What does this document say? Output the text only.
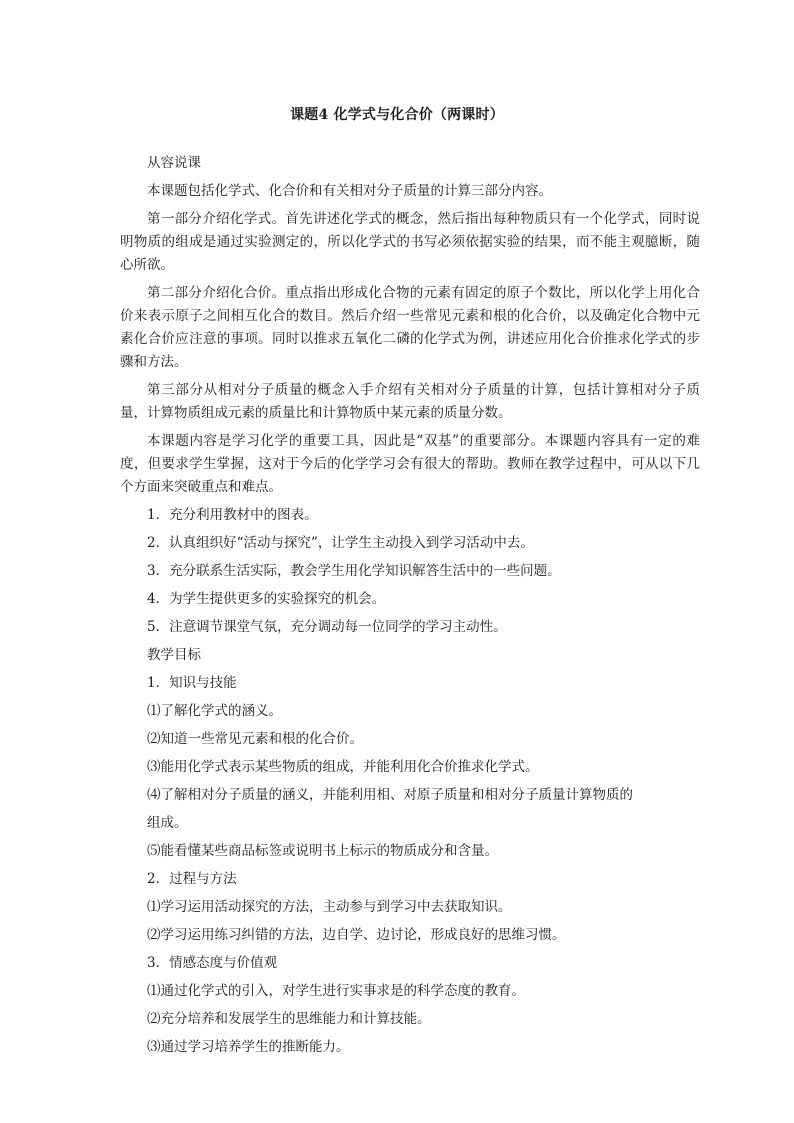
课题4 化学式与化合价（两课时）

从容说课

本课题包括化学式、化合价和有关相对分子质量的计算三部分内容。

第一部分介绍化学式。首先讲述化学式的概念，然后指出每种物质只有一个化学式，同时说明物质的组成是通过实验测定的，所以化学式的书写必须依据实验的结果，而不能主观臆断，随心所欲。

第二部分介绍化合价。重点指出形成化合物的元素有固定的原子个数比，所以化学上用化合价来表示原子之间相互化合的数目。然后介绍一些常见元素和根的化合价，以及确定化合物中元素化合价应注意的事项。同时以推求五氧化二磷的化学式为例，讲述应用化合价推求化学式的步骤和方法。

第三部分从相对分子质量的概念入手介绍有关相对分子质量的计算，包括计算相对分子质量，计算物质组成元素的质量比和计算物质中某元素的质量分数。

本课题内容是学习化学的重要工具，因此是“双基”的重要部分。本课题内容具有一定的难度，但要求学生掌握，这对于今后的化学学习会有很大的帮助。教师在教学过程中，可从以下几个方面来突破重点和难点。

1．充分利用教材中的图表。

2．认真组织好“活动与探究”，让学生主动投入到学习活动中去。

3．充分联系生活实际，教会学生用化学知识解答生活中的一些问题。

4．为学生提供更多的实验探究的机会。

5．注意调节课堂气氛，充分调动每一位同学的学习主动性。

教学目标

1．知识与技能

⑴了解化学式的涵义。

⑵知道一些常见元素和根的化合价。

⑶能用化学式表示某些物质的组成，并能利用化合价推求化学式。

⑷了解相对分子质量的涵义，并能利用相、对原子质量和相对分子质量计算物质的

组成。

⑸能看懂某些商品标签或说明书上标示的物质成分和含量。

2．过程与方法

⑴学习运用活动探究的方法，主动参与到学习中去获取知识。

⑵学习运用练习纠错的方法，边自学、边讨论，形成良好的思维习惯。

3．情感态度与价值观

⑴通过化学式的引入，对学生进行实事求是的科学态度的教育。

⑵充分培养和发展学生的思维能力和计算技能。

⑶通过学习培养学生的推断能力。
